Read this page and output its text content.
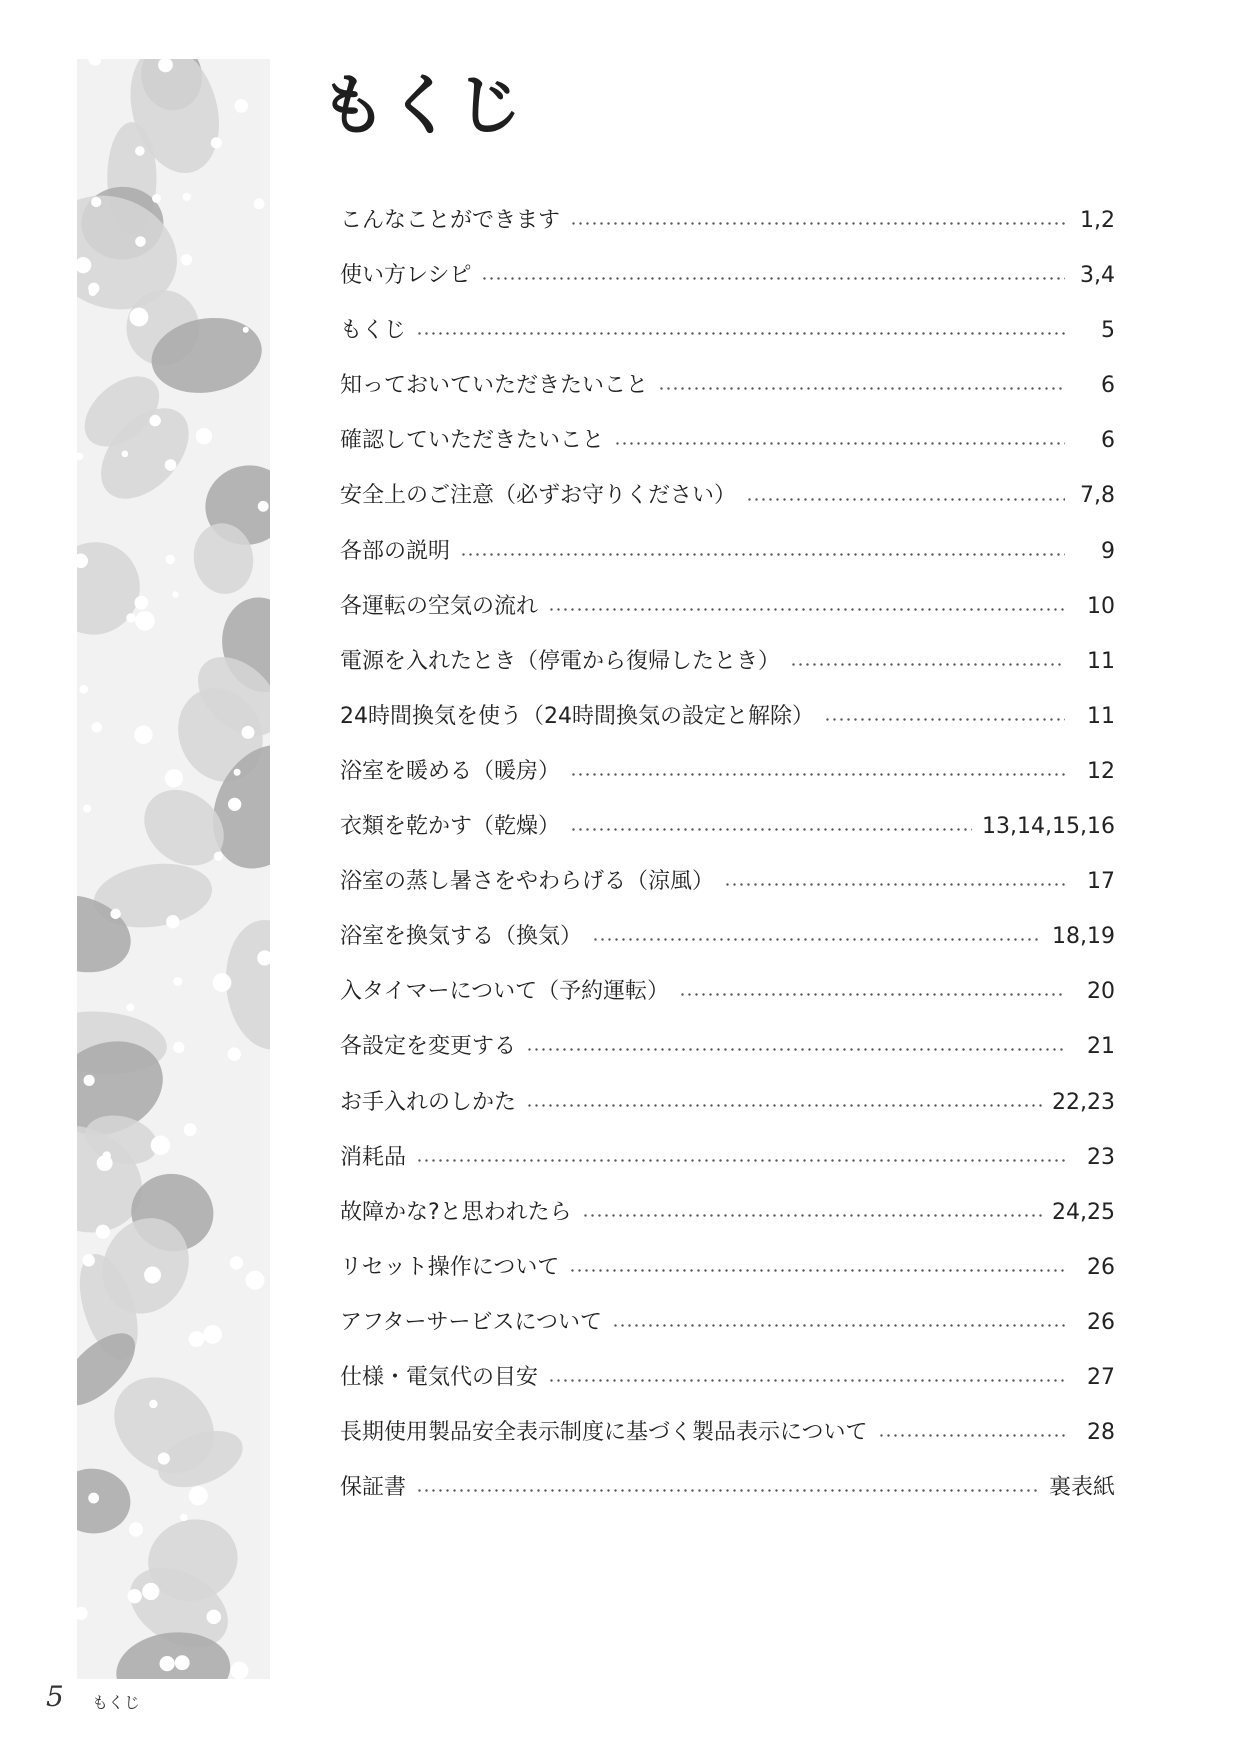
もくじ
こんなことができます	1,2
使い方レシピ	3,4
もくじ	5
知っておいていただきたいこと	6
確認していただきたいこと	6
安全上のご注意（必ずお守りください）	7,8
各部の説明	9
各運転の空気の流れ	10
電源を入れたとき（停電から復帰したとき）	11
24時間換気を使う（24時間換気の設定と解除）	11
浴室を暖める（暖房）	12
衣類を乾かす（乾燥）	13,14,15,16
浴室の蒸し暑さをやわらげる（涼風）	17
浴室を換気する（換気）	18,19
入タイマーについて（予約運転）	20
各設定を変更する	21
お手入れのしかた	22,23
消耗品	23
故障かな?と思われたら	24,25
リセット操作について	26
アフターサービスについて	26
仕様・電気代の目安	27
長期使用製品安全表示制度に基づく製品表示について	28
保証書	裏表紙
5 もくじ
